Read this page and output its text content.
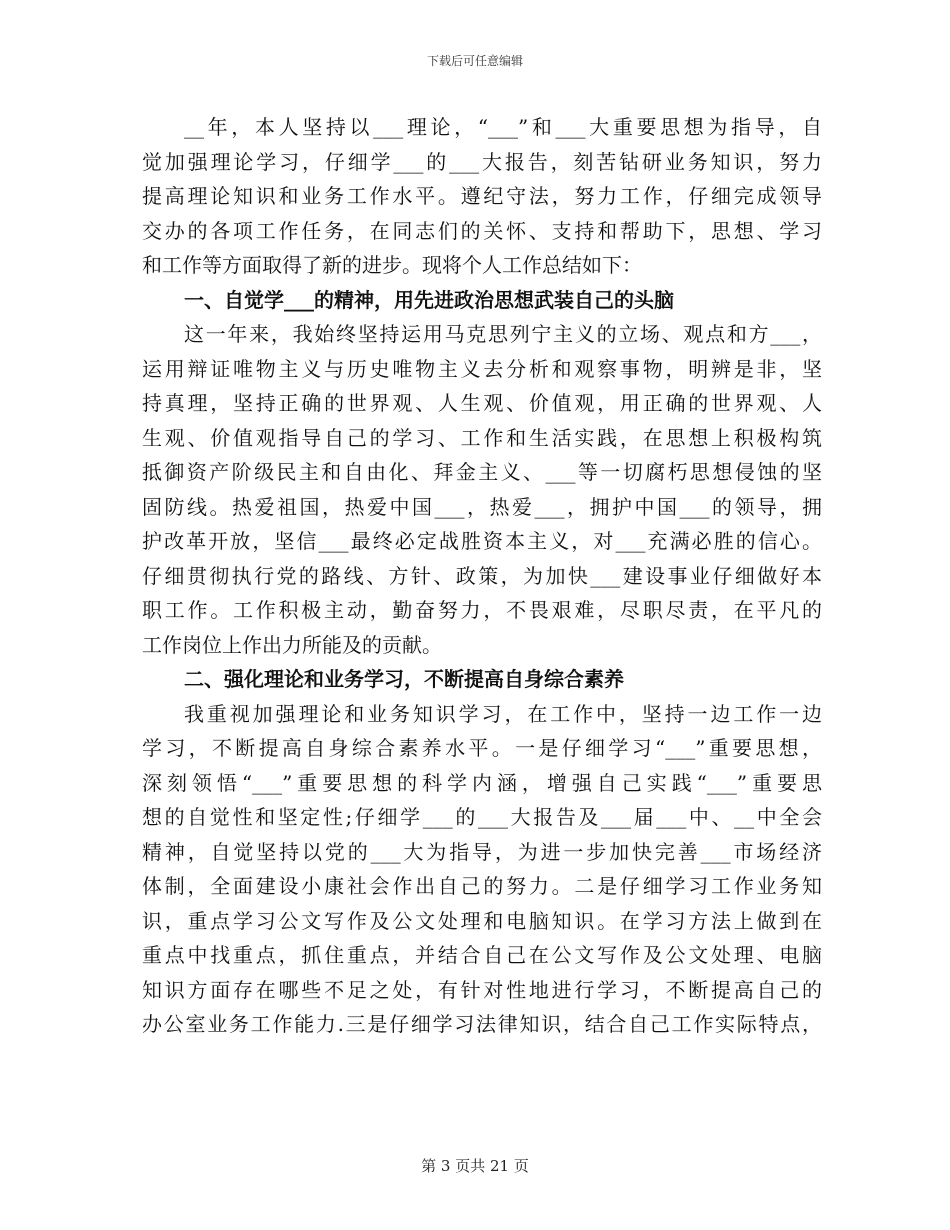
下载后可任意编辑
__年，本人坚持以___理论，“___”和___大重要思想为指导，自
觉加强理论学习，仔细学___的___大报告，刻苦钻研业务知识，努力
提高理论知识和业务工作水平。遵纪守法，努力工作，仔细完成领导
交办的各项工作任务，在同志们的关怀、支持和帮助下，思想、学习
和工作等方面取得了新的进步。现将个人工作总结如下：
一、自觉学___的精神，用先进政治思想武装自己的头脑
这一年来，我始终坚持运用马克思列宁主义的立场、观点和方___，
运用辩证唯物主义与历史唯物主义去分析和观察事物，明辨是非，坚
持真理，坚持正确的世界观、人生观、价值观，用正确的世界观、人
生观、价值观指导自己的学习、工作和生活实践，在思想上积极构筑
抵御资产阶级民主和自由化、拜金主义、___等一切腐朽思想侵蚀的坚
固防线。热爱祖国，热爱中国___，热爱___，拥护中国___的领导，拥
护改革开放，坚信___最终必定战胜资本主义，对___充满必胜的信心。
仔细贯彻执行党的路线、方针、政策，为加快___建设事业仔细做好本
职工作。工作积极主动，勤奋努力，不畏艰难，尽职尽责，在平凡的
工作岗位上作出力所能及的贡献。
二、强化理论和业务学习，不断提高自身综合素养
我重视加强理论和业务知识学习，在工作中，坚持一边工作一边
学习，不断提高自身综合素养水平。一是仔细学习“___”重要思想，
深刻领悟“___”重要思想的科学内涵，增强自己实践“___”重要思
想的自觉性和坚定性;仔细学___的___大报告及___届___中、__中全会
精神，自觉坚持以党的___大为指导，为进一步加快完善___市场经济
体制，全面建设小康社会作出自己的努力。二是仔细学习工作业务知
识，重点学习公文写作及公文处理和电脑知识。在学习方法上做到在
重点中找重点，抓住重点，并结合自己在公文写作及公文处理、电脑
知识方面存在哪些不足之处，有针对性地进行学习，不断提高自己的
办公室业务工作能力.三是仔细学习法律知识，结合自己工作实际特点，
第 3 页共 21 页
